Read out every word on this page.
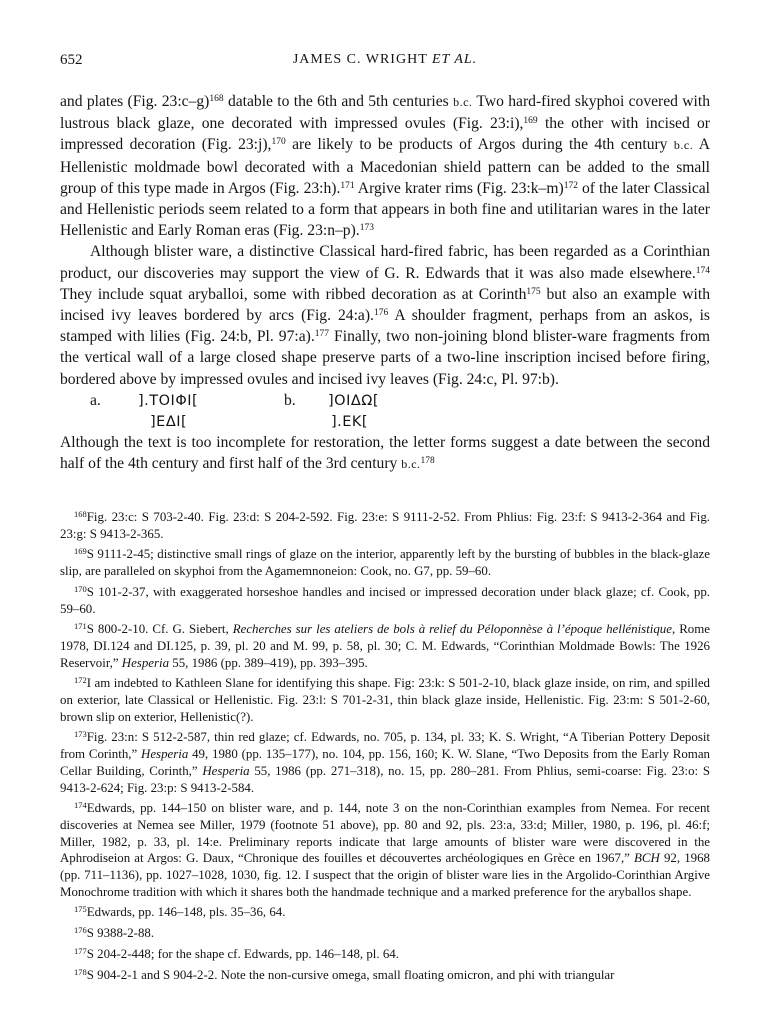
652	JAMES C. WRIGHT ET AL.

and plates (Fig. 23:c–g)$^{168}$ datable to the 6th and 5th centuries b.c. Two hard-fired skyphoi covered with lustrous black glaze, one decorated with impressed ovules (Fig. 23:i),$^{169}$ the other with incised or impressed decoration (Fig. 23:j),$^{170}$ are likely to be products of Argos during the 4th century b.c. A Hellenistic moldmade bowl decorated with a Macedonian shield pattern can be added to the small group of this type made in Argos (Fig. 23:h).$^{171}$ Argive krater rims (Fig. 23:k–m)$^{172}$ of the later Classical and Hellenistic periods seem related to a form that appears in both fine and utilitarian wares in the later Hellenistic and Early Roman eras (Fig. 23:n–p).$^{173}$

Although blister ware, a distinctive Classical hard-fired fabric, has been regarded as a Corinthian product, our discoveries may support the view of G. R. Edwards that it was also made elsewhere.$^{174}$ They include squat aryballoi, some with ribbed decoration as at Corinth$^{175}$ but also an example with incised ivy leaves bordered by arcs (Fig. 24:a).$^{176}$ A shoulder fragment, perhaps from an askos, is stamped with lilies (Fig. 24:b, Pl. 97:a).$^{177}$ Finally, two non-joining blond blister-ware fragments from the vertical wall of a large closed shape preserve parts of a two-line inscription incised before firing, bordered above by impressed ovules and incised ivy leaves (Fig. 24:c, Pl. 97:b).

a.	].ΤΟΙΦΙ[
]ΕΔΙ[
b. ]ΟΙΔΩ[
].ΕΚ[

Although the text is too incomplete for restoration, the letter forms suggest a date between the second half of the 4th century and first half of the 3rd century b.c.$^{178}$

$^{168}$Fig. 23:c: S 703-2-40. Fig. 23:d: S 204-2-592. Fig. 23:e: S 9111-2-52. From Phlius: Fig. 23:f: S 9413-2-364 and Fig. 23:g: S 9413-2-365.

$^{169}$S 9111-2-45; distinctive small rings of glaze on the interior, apparently left by the bursting of bubbles in the black-glaze slip, are paralleled on skyphoi from the Agamemnoneion: Cook, no. G7, pp. 59–60.

$^{170}$S 101-2-37, with exaggerated horseshoe handles and incised or impressed decoration under black glaze; cf. Cook, pp. 59–60.

$^{171}$S 800-2-10. Cf. G. Siebert, Recherches sur les ateliers de bols à relief du Péloponnèse à l’époque hellénistique, Rome 1978, DI.124 and DI.125, p. 39, pl. 20 and M. 99, p. 58, pl. 30; C. M. Edwards, “Corinthian Moldmade Bowls: The 1926 Reservoir,” Hesperia 55, 1986 (pp. 389–419), pp. 393–395.

$^{172}$I am indebted to Kathleen Slane for identifying this shape. Fig: 23:k: S 501-2-10, black glaze inside, on rim, and spilled on exterior, late Classical or Hellenistic. Fig. 23:l: S 701-2-31, thin black glaze inside, Hellenistic. Fig. 23:m: S 501-2-60, brown slip on exterior, Hellenistic(?).

$^{173}$Fig. 23:n: S 512-2-587, thin red glaze; cf. Edwards, no. 705, p. 134, pl. 33; K. S. Wright, “A Tiberian Pottery Deposit from Corinth,” Hesperia 49, 1980 (pp. 135–177), no. 104, pp. 156, 160; K. W. Slane, “Two Deposits from the Early Roman Cellar Building, Corinth,” Hesperia 55, 1986 (pp. 271–318), no. 15, pp. 280–281. From Phlius, semi-coarse: Fig. 23:o: S 9413-2-624; Fig. 23:p: S 9413-2-584.

$^{174}$Edwards, pp. 144–150 on blister ware, and p. 144, note 3 on the non-Corinthian examples from Nemea. For recent discoveries at Nemea see Miller, 1979 (footnote 51 above), pp. 80 and 92, pls. 23:a, 33:d; Miller, 1980, p. 196, pl. 46:f; Miller, 1982, p. 33, pl. 14:e. Preliminary reports indicate that large amounts of blister ware were discovered in the Aphrodiseion at Argos: G. Daux, “Chronique des fouilles et découvertes archéologiques en Grèce en 1967,” BCH 92, 1968 (pp. 711–1136), pp. 1027–1028, 1030, fig. 12. I suspect that the origin of blister ware lies in the Argolido-Corinthian Argive Monochrome tradition with which it shares both the handmade technique and a marked preference for the aryballos shape.

$^{175}$Edwards, pp. 146–148, pls. 35–36, 64.

$^{176}$S 9388-2-88.

$^{177}$S 204-2-448; for the shape cf. Edwards, pp. 146–148, pl. 64.

$^{178}$S 904-2-1 and S 904-2-2. Note the non-cursive omega, small floating omicron, and phi with triangular
